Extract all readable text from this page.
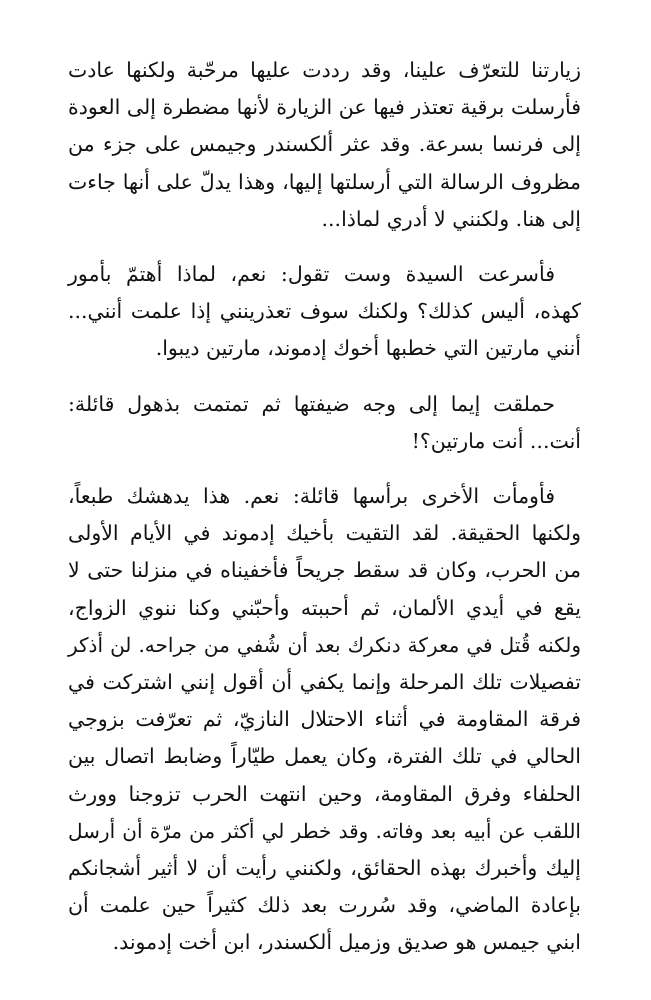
زيارتنا للتعرّف علينا، وقد رددت عليها مرحّبة ولكنها عادت
فأرسلت برقية تعتذر فيها عن الزيارة لأنها مضطرة إلى العودة
إلى فرنسا بسرعة. وقد عثر ألكسندر وجيمس على جزء من
مظروف الرسالة التي أرسلتها إليها، وهذا يدلّ على أنها جاءت
إلى هنا. ولكنني لا أدري لماذا...

فأسرعت السيدة وست تقول: نعم، لماذا أهتمّ بأمور
كهذه، أليس كذلك؟ ولكنك سوف تعذرينني إذا علمت أنني...
أنني مارتين التي خطبها أخوك إدموند، مارتين ديبوا.

حملقت إيما إلى وجه ضيفتها ثم تمتمت بذهول قائلة:
أنت... أنت مارتين؟!

فأومأت الأخرى برأسها قائلة: نعم. هذا يدهشك طبعاً،
ولكنها الحقيقة. لقد التقيت بأخيك إدموند في الأيام الأولى
من الحرب، وكان قد سقط جريحاً فأخفيناه في منزلنا حتى لا
يقع في أيدي الألمان، ثم أحببته وأحبّني وكنا ننوي الزواج،
ولكنه قُتل في معركة دنكرك بعد أن شُفي من جراحه. لن أذكر
تفصيلات تلك المرحلة وإنما يكفي أن أقول إنني اشتركت في
فرقة المقاومة في أثناء الاحتلال النازيّ، ثم تعرّفت بزوجي
الحالي في تلك الفترة، وكان يعمل طيّاراً وضابط اتصال بين
الحلفاء وفرق المقاومة، وحين انتهت الحرب تزوجنا وورث
اللقب عن أبيه بعد وفاته. وقد خطر لي أكثر من مرّة أن أرسل
إليك وأخبرك بهذه الحقائق، ولكنني رأيت أن لا أثير أشجانكم
بإعادة الماضي، وقد سُررت بعد ذلك كثيراً حين علمت أن
ابني جيمس هو صديق وزميل ألكسندر، ابن أخت إدموند.
